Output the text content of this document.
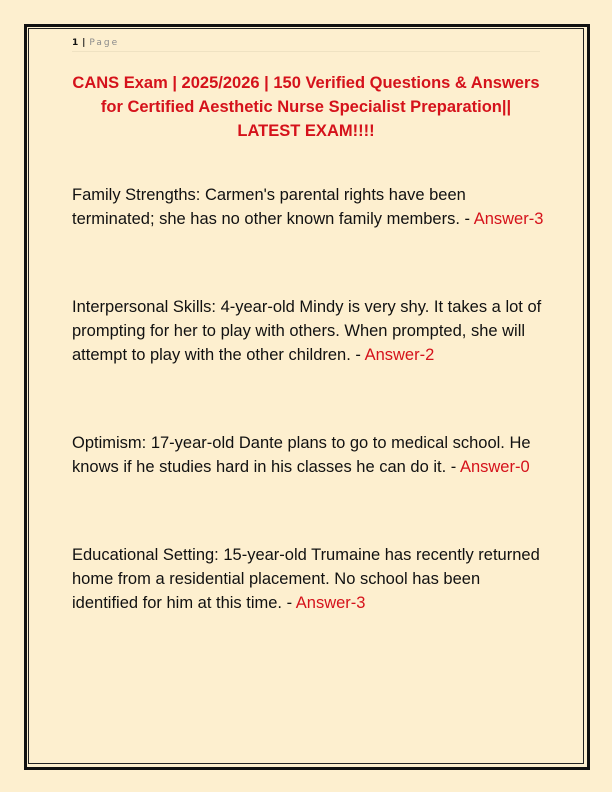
1 | Page
CANS Exam | 2025/2026 | 150 Verified Questions & Answers for Certified Aesthetic Nurse Specialist Preparation|| LATEST EXAM!!!!
Family Strengths: Carmen's parental rights have been terminated; she has no other known family members. - Answer-3
Interpersonal Skills: 4-year-old Mindy is very shy. It takes a lot of prompting for her to play with others. When prompted, she will attempt to play with the other children. - Answer-2
Optimism: 17-year-old Dante plans to go to medical school. He knows if he studies hard in his classes he can do it. - Answer-0
Educational Setting: 15-year-old Trumaine has recently returned home from a residential placement. No school has been identified for him at this time. - Answer-3
